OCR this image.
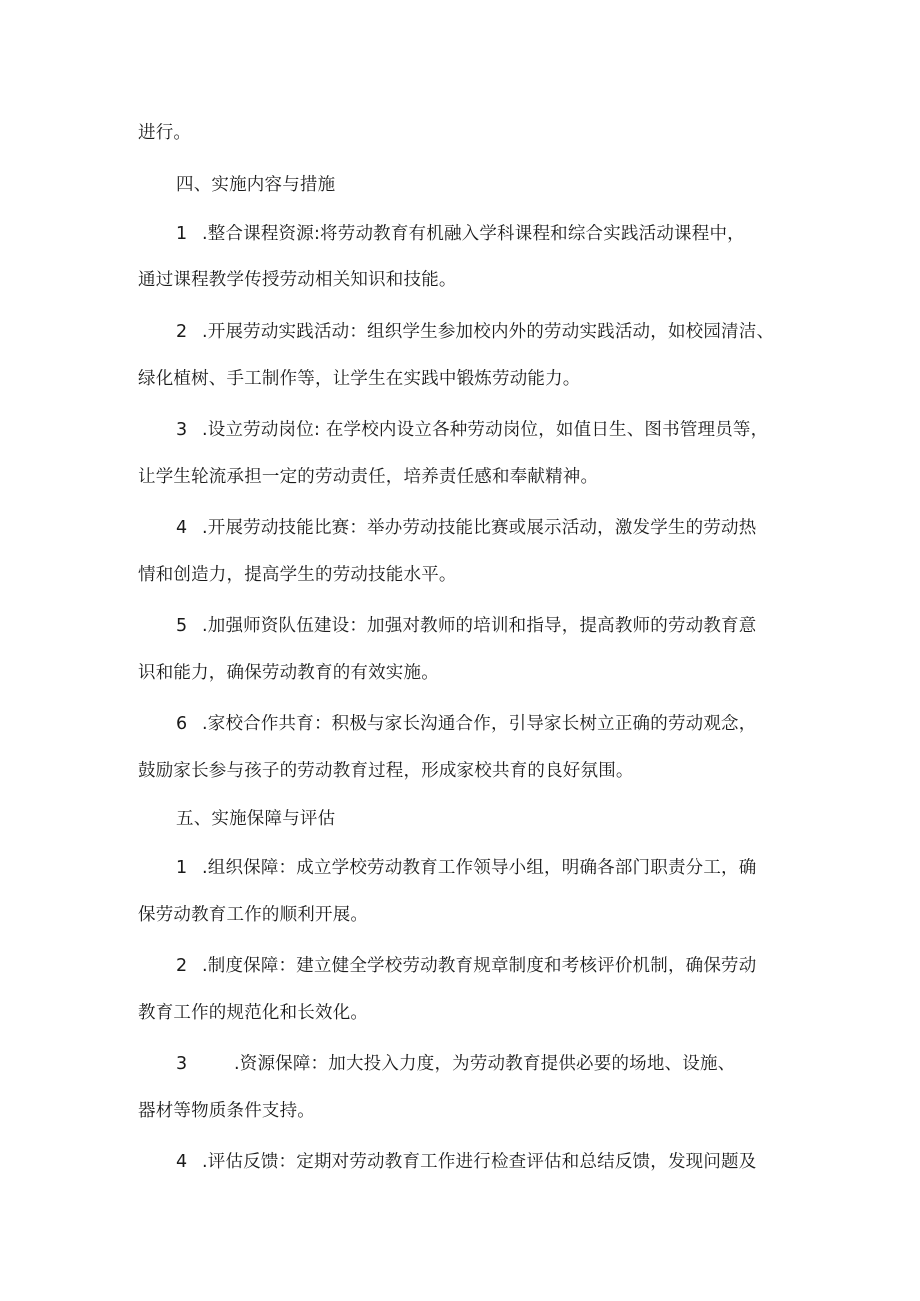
进行。
四、实施内容与措施
1 .整合课程资源:将劳动教育有机融入学科课程和综合实践活动课程中，
通过课程教学传授劳动相关知识和技能。
2 .开展劳动实践活动：组织学生参加校内外的劳动实践活动，如校园清洁、
绿化植树、手工制作等，让学生在实践中锻炼劳动能力。
3 .设立劳动岗位: 在学校内设立各种劳动岗位，如值日生、图书管理员等，
让学生轮流承担一定的劳动责任，培养责任感和奉献精神。
4 .开展劳动技能比赛：举办劳动技能比赛或展示活动，激发学生的劳动热
情和创造力，提高学生的劳动技能水平。
5 .加强师资队伍建设：加强对教师的培训和指导，提高教师的劳动教育意
识和能力，确保劳动教育的有效实施。
6 .家校合作共育：积极与家长沟通合作，引导家长树立正确的劳动观念，
鼓励家长参与孩子的劳动教育过程，形成家校共育的良好氛围。
五、实施保障与评估
1 .组织保障：成立学校劳动教育工作领导小组，明确各部门职责分工，确
保劳动教育工作的顺利开展。
2 .制度保障：建立健全学校劳动教育规章制度和考核评价机制，确保劳动
教育工作的规范化和长效化。
3	.资源保障：加大投入力度，为劳动教育提供必要的场地、设施、
器材等物质条件支持。
4 .评估反馈：定期对劳动教育工作进行检查评估和总结反馈，发现问题及
